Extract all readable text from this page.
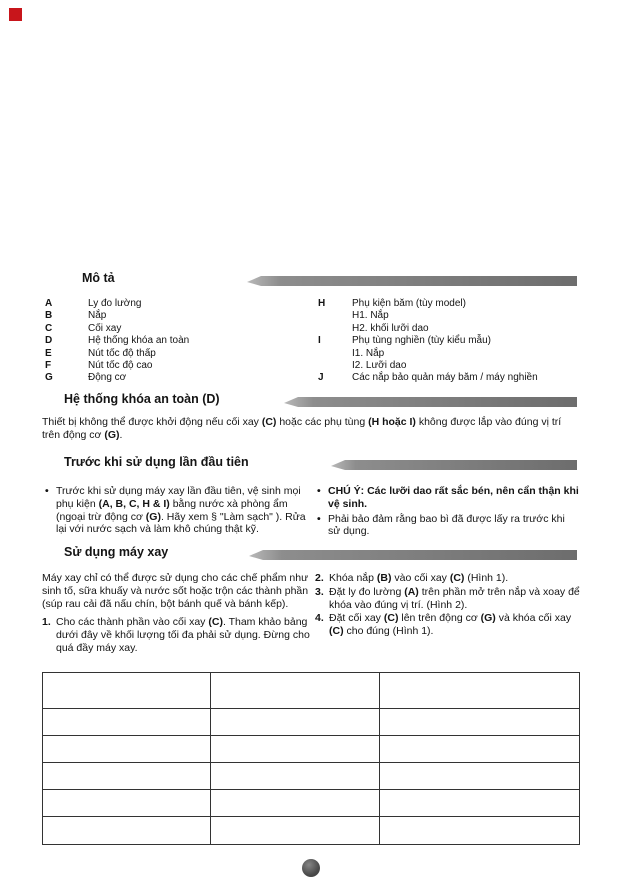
Mô tả
A	Ly đo lường
B	Nắp
C	Cối xay
D	Hệ thống khóa an toàn
E	Nút tốc độ thấp
F	Nút tốc độ cao
G	Động cơ
H	Phụ kiện băm (tùy model)
H1. Nắp
H2. khối lưỡi dao
I	Phụ tùng nghiền (tùy kiểu mẫu)
I1. Nắp
I2. Lưỡi dao
J	Các nắp bảo quản máy băm / máy nghiền
Hệ thống khóa an toàn (D)

Thiết bị không thể được khởi động nếu cối xay (C) hoặc các phụ tùng (H hoặc I) không được lắp vào đúng vị trí trên động cơ (G).

Trước khi sử dụng lần đầu tiên
• Trước khi sử dụng máy xay lần đầu tiên, vệ sinh mọi phụ kiện (A, B, C, H & I) bằng nước xà phòng ẩm (ngoại trừ động cơ (G). Hãy xem § "Làm sạch" ). Rửa lại với nước sạch và làm khô chúng thật kỹ.
• CHÚ Ý: Các lưỡi dao rất sắc bén, nên cẩn thận khi vệ sinh.
• Phải bảo đảm rằng bao bì đã được lấy ra trước khi sử dụng.
Sử dụng máy xay

Máy xay chỉ có thể được sử dụng cho các chế phẩm như sinh tố, sữa khuấy và nước sốt hoặc trộn các thành phần (súp rau cải đã nấu chín, bột bánh quế và bánh kếp).

1. Cho các thành phần vào cối xay (C). Tham khảo bảng dưới đây về khối lượng tối đa phải sử dụng. Đừng cho quá đầy máy xay.
2. Khóa nắp (B) vào cối xay (C) (Hình 1).
3. Đặt ly đo lường (A) trên phần mở trên nắp và xoay để khóa vào đúng vị trí. (Hình 2).
4. Đặt cối xay (C) lên trên động cơ (G) và khóa cối xay (C) cho đúng (Hình 1).
